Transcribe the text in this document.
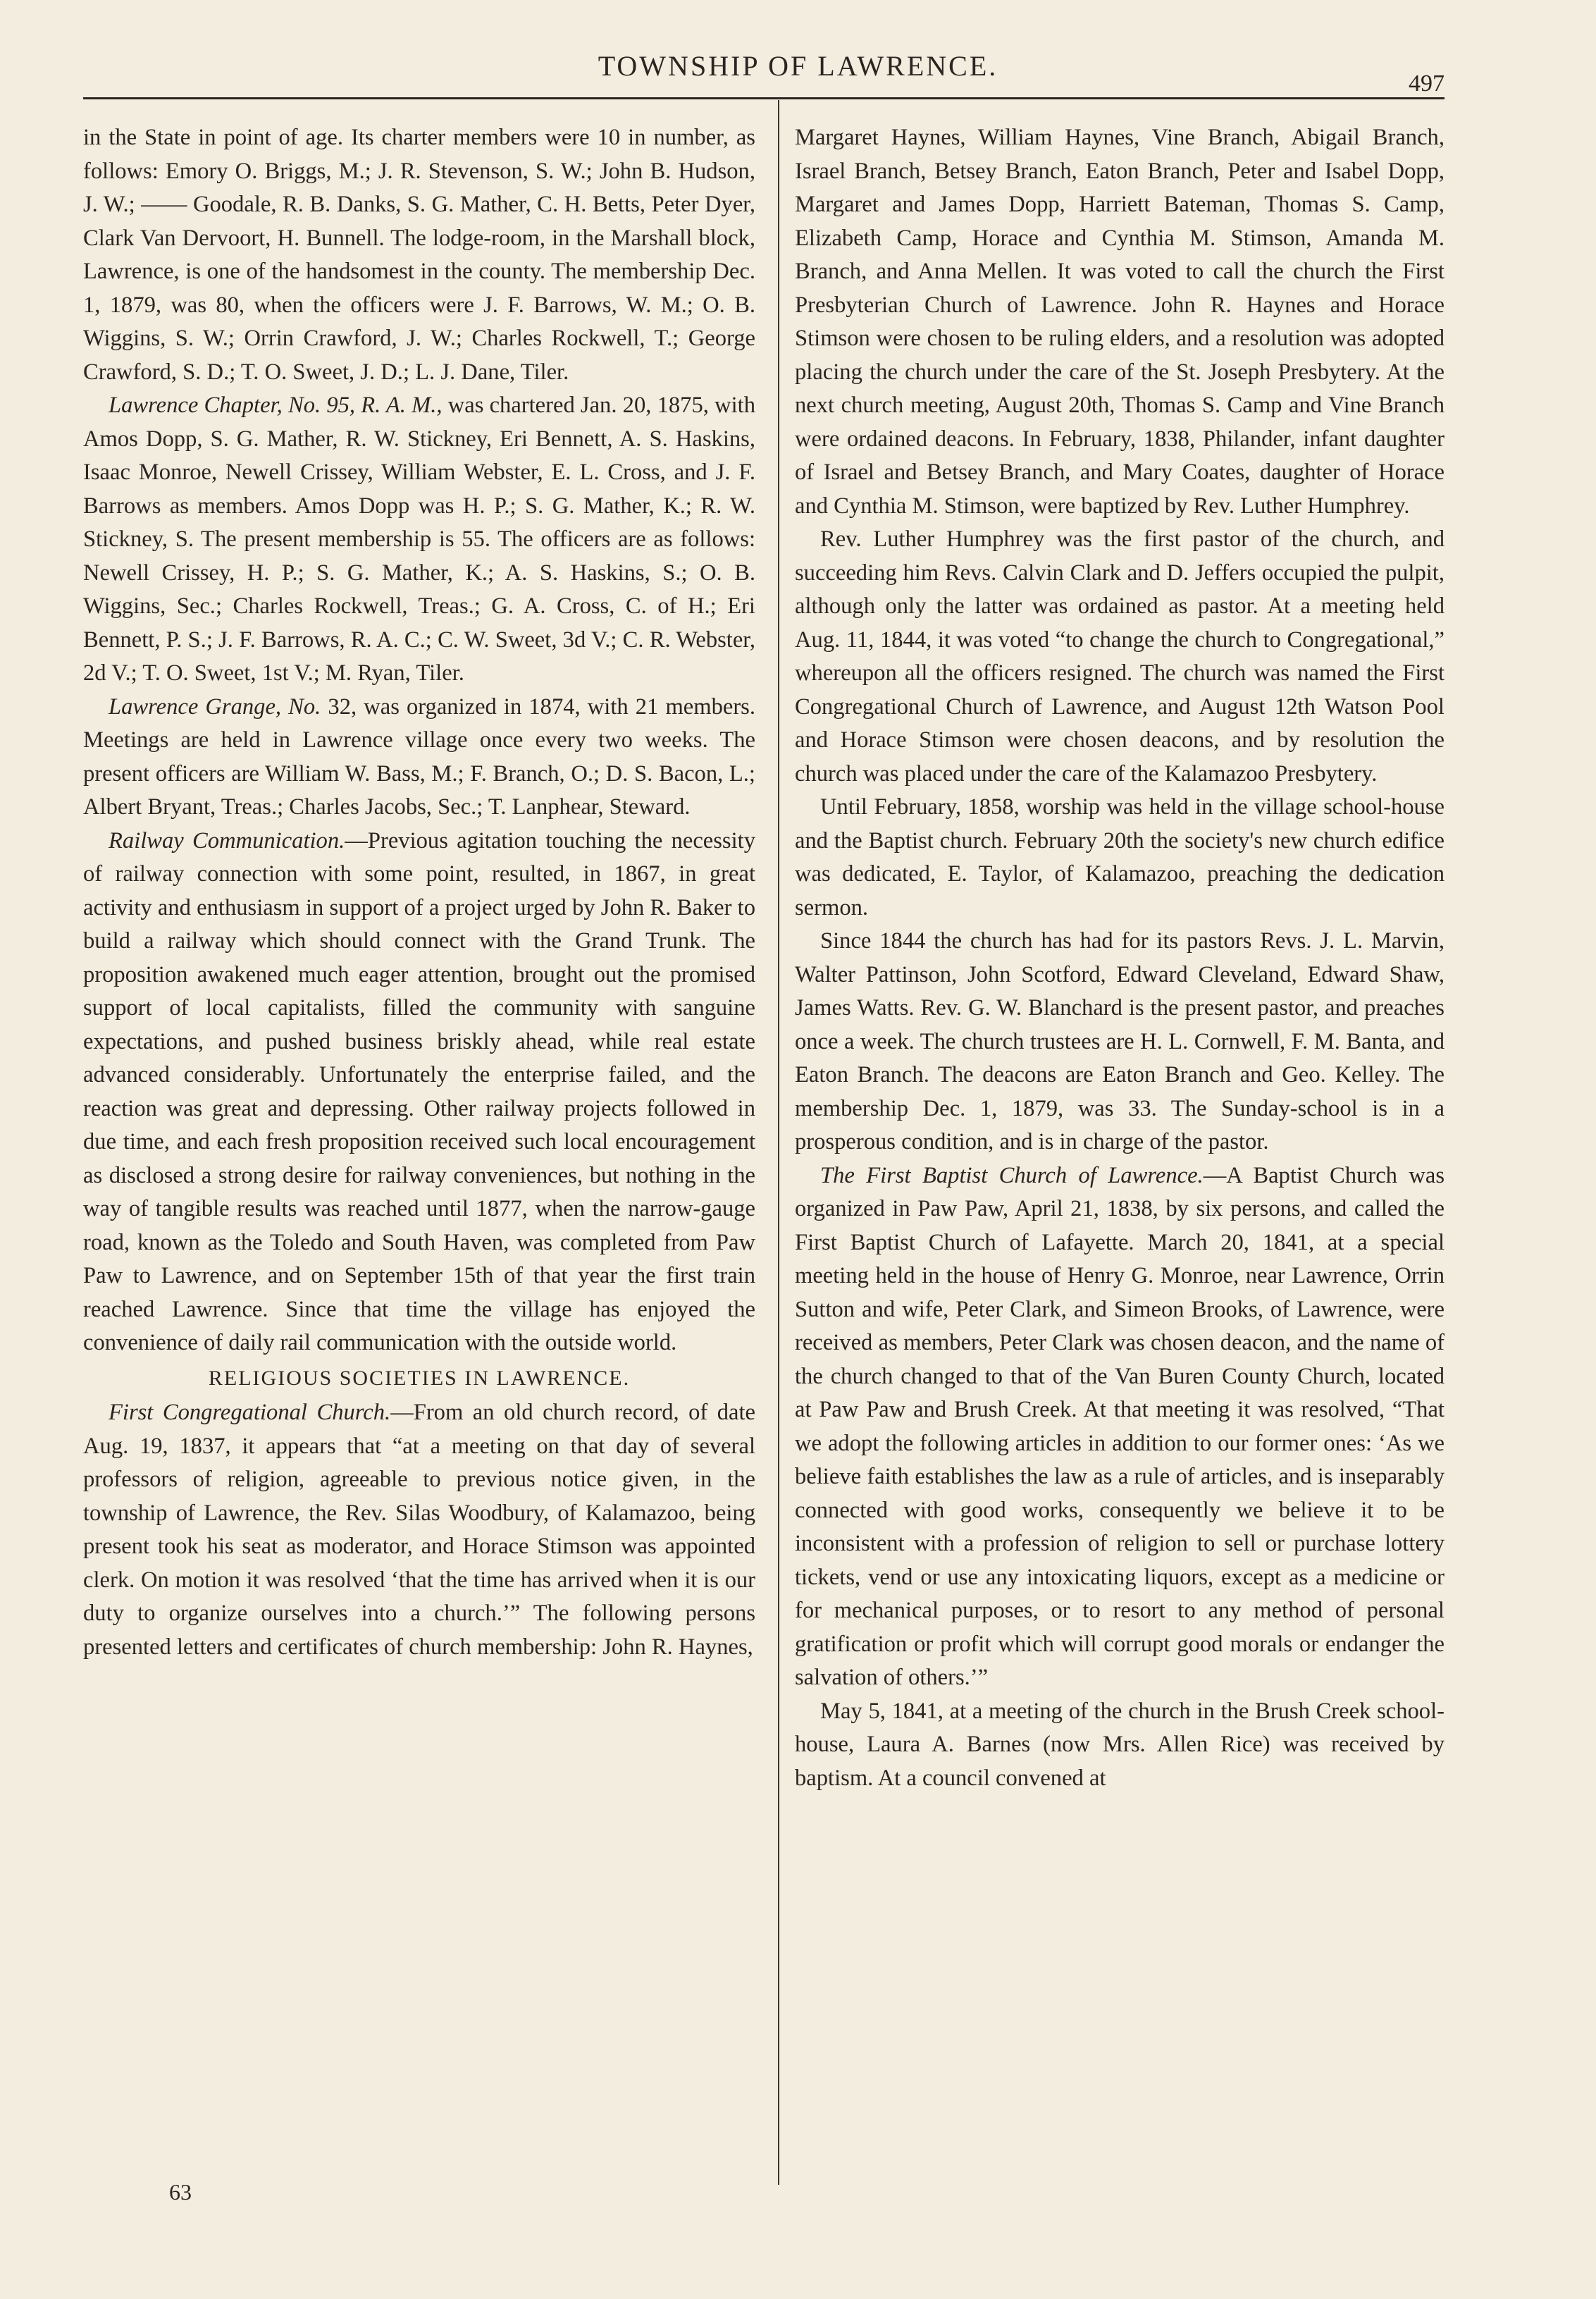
TOWNSHIP OF LAWRENCE.
497

in the State in point of age. Its charter members were 10 in number, as follows: Emory O. Briggs, M.; J. R. Stevenson, S. W.; John B. Hudson, J. W.; —— Goodale, R. B. Danks, S. G. Mather, C. H. Betts, Peter Dyer, Clark Van Dervoort, H. Bunnell. The lodge-room, in the Marshall block, Lawrence, is one of the handsomest in the county. The membership Dec. 1, 1879, was 80, when the officers were J. F. Barrows, W. M.; O. B. Wiggins, S. W.; Orrin Crawford, J. W.; Charles Rockwell, T.; George Crawford, S. D.; T. O. Sweet, J. D.; L. J. Dane, Tiler.

Lawrence Chapter, No. 95, R. A. M., was chartered Jan. 20, 1875, with Amos Dopp, S. G. Mather, R. W. Stickney, Eri Bennett, A. S. Haskins, Isaac Monroe, Newell Crissey, William Webster, E. L. Cross, and J. F. Barrows as members. Amos Dopp was H. P.; S. G. Mather, K.; R. W. Stickney, S. The present membership is 55. The officers are as follows: Newell Crissey, H. P.; S. G. Mather, K.; A. S. Haskins, S.; O. B. Wiggins, Sec.; Charles Rockwell, Treas.; G. A. Cross, C. of H.; Eri Bennett, P. S.; J. F. Barrows, R. A. C.; C. W. Sweet, 3d V.; C. R. Webster, 2d V.; T. O. Sweet, 1st V.; M. Ryan, Tiler.

Lawrence Grange, No. 32, was organized in 1874, with 21 members. Meetings are held in Lawrence village once every two weeks. The present officers are William W. Bass, M.; F. Branch, O.; D. S. Bacon, L.; Albert Bryant, Treas.; Charles Jacobs, Sec.; T. Lanphear, Steward.

Railway Communication.—Previous agitation touching the necessity of railway connection with some point, resulted, in 1867, in great activity and enthusiasm in support of a project urged by John R. Baker to build a railway which should connect with the Grand Trunk. The proposition awakened much eager attention, brought out the promised support of local capitalists, filled the community with sanguine expectations, and pushed business briskly ahead, while real estate advanced considerably. Unfortunately the enterprise failed, and the reaction was great and depressing. Other railway projects followed in due time, and each fresh proposition received such local encouragement as disclosed a strong desire for railway conveniences, but nothing in the way of tangible results was reached until 1877, when the narrow-gauge road, known as the Toledo and South Haven, was completed from Paw Paw to Lawrence, and on September 15th of that year the first train reached Lawrence. Since that time the village has enjoyed the convenience of daily rail communication with the outside world.

RELIGIOUS SOCIETIES IN LAWRENCE.

First Congregational Church.—From an old church record, of date Aug. 19, 1837, it appears that “at a meeting on that day of several professors of religion, agreeable to previous notice given, in the township of Lawrence, the Rev. Silas Woodbury, of Kalamazoo, being present took his seat as moderator, and Horace Stimson was appointed clerk. On motion it was resolved ‘that the time has arrived when it is our duty to organize ourselves into a church.’” The following persons presented letters and certificates of church membership: John R. Haynes,

Margaret Haynes, William Haynes, Vine Branch, Abigail Branch, Israel Branch, Betsey Branch, Eaton Branch, Peter and Isabel Dopp, Margaret and James Dopp, Harriett Bateman, Thomas S. Camp, Elizabeth Camp, Horace and Cynthia M. Stimson, Amanda M. Branch, and Anna Mellen. It was voted to call the church the First Presbyterian Church of Lawrence. John R. Haynes and Horace Stimson were chosen to be ruling elders, and a resolution was adopted placing the church under the care of the St. Joseph Presbytery. At the next church meeting, August 20th, Thomas S. Camp and Vine Branch were ordained deacons. In February, 1838, Philander, infant daughter of Israel and Betsey Branch, and Mary Coates, daughter of Horace and Cynthia M. Stimson, were baptized by Rev. Luther Humphrey.

Rev. Luther Humphrey was the first pastor of the church, and succeeding him Revs. Calvin Clark and D. Jeffers occupied the pulpit, although only the latter was ordained as pastor. At a meeting held Aug. 11, 1844, it was voted “to change the church to Congregational,” whereupon all the officers resigned. The church was named the First Congregational Church of Lawrence, and August 12th Watson Pool and Horace Stimson were chosen deacons, and by resolution the church was placed under the care of the Kalamazoo Presbytery.

Until February, 1858, worship was held in the village school-house and the Baptist church. February 20th the society's new church edifice was dedicated, E. Taylor, of Kalamazoo, preaching the dedication sermon.

Since 1844 the church has had for its pastors Revs. J. L. Marvin, Walter Pattinson, John Scotford, Edward Cleveland, Edward Shaw, James Watts. Rev. G. W. Blanchard is the present pastor, and preaches once a week. The church trustees are H. L. Cornwell, F. M. Banta, and Eaton Branch. The deacons are Eaton Branch and Geo. Kelley. The membership Dec. 1, 1879, was 33. The Sunday-school is in a prosperous condition, and is in charge of the pastor.

The First Baptist Church of Lawrence.—A Baptist Church was organized in Paw Paw, April 21, 1838, by six persons, and called the First Baptist Church of Lafayette. March 20, 1841, at a special meeting held in the house of Henry G. Monroe, near Lawrence, Orrin Sutton and wife, Peter Clark, and Simeon Brooks, of Lawrence, were received as members, Peter Clark was chosen deacon, and the name of the church changed to that of the Van Buren County Church, located at Paw Paw and Brush Creek. At that meeting it was resolved, “That we adopt the following articles in addition to our former ones: ‘As we believe faith establishes the law as a rule of articles, and is inseparably connected with good works, consequently we believe it to be inconsistent with a profession of religion to sell or purchase lottery tickets, vend or use any intoxicating liquors, except as a medicine or for mechanical purposes, or to resort to any method of personal gratification or profit which will corrupt good morals or endanger the salvation of others.’”

May 5, 1841, at a meeting of the church in the Brush Creek school-house, Laura A. Barnes (now Mrs. Allen Rice) was received by baptism. At a council convened at

63
